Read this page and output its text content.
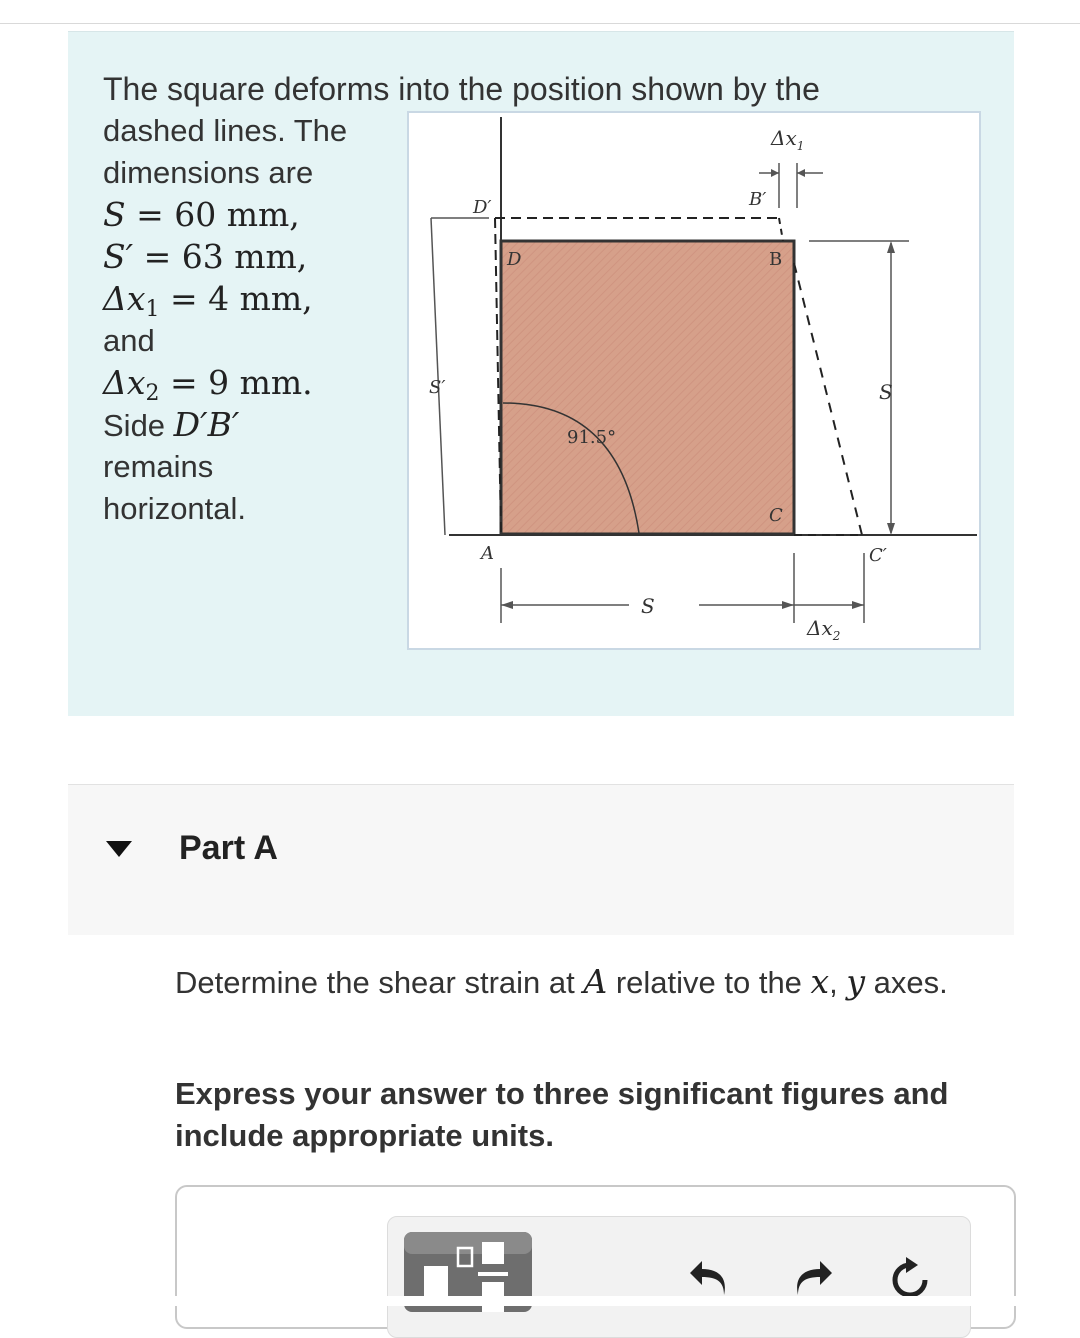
The square deforms into the position shown by the
dashed lines. The
dimensions are
S = 60 mm,
S′ = 63 mm,
$\Delta x_1 = 4$ mm,
and
$\Delta x_2 = 9$ mm.
Side D′B′
remains
horizontal.
$\Delta x_1$
D′	B′
D	B
C
C′
A
S′	S
S
91.5°
$\Delta x_2$
Part A
Determine the shear strain at A relative to the x, y axes.
Express your answer to three significant figures and include appropriate units.
